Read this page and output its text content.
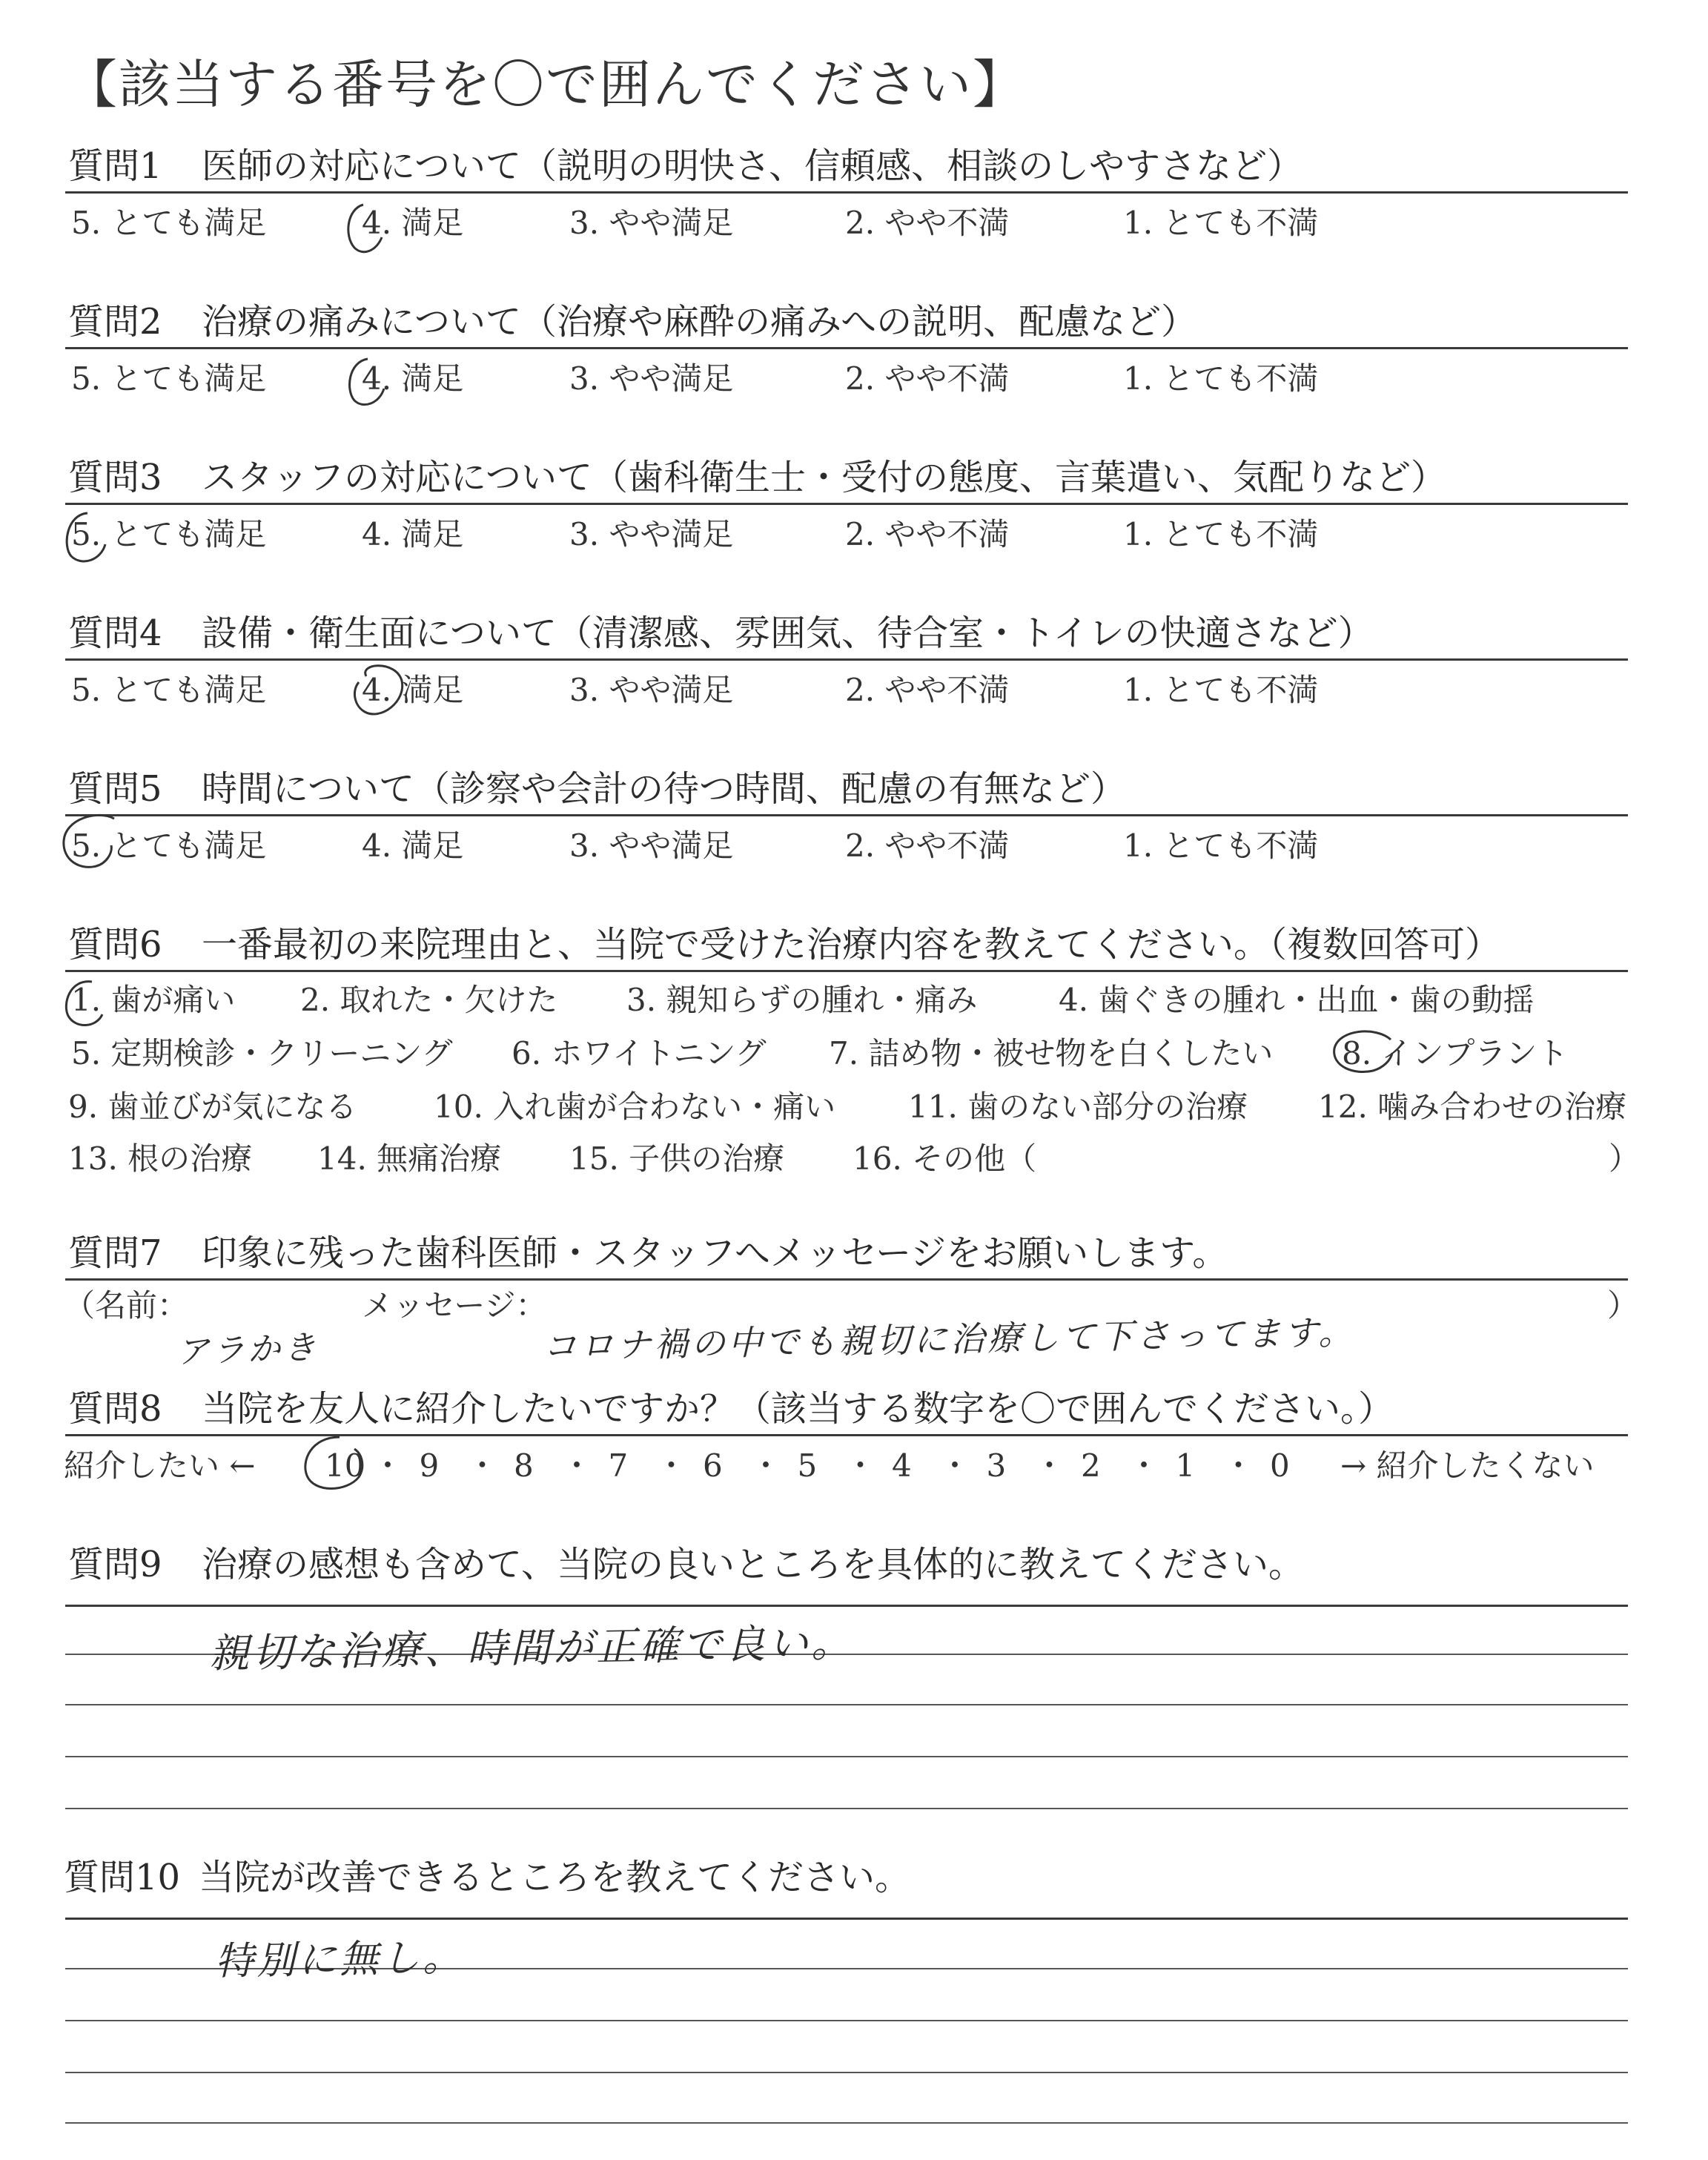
【該当する番号を〇で囲んでください】
質問1 医師の対応について（説明の明快さ、信頼感、相談のしやすさなど）
5. とても満足	4. 満足	3. やや満足	2. やや不満	1. とても不満
質問2 治療の痛みについて（治療や麻酔の痛みへの説明、配慮など）
5. とても満足	4. 満足	3. やや満足	2. やや不満	1. とても不満
質問3 スタッフの対応について（歯科衛生士・受付の態度、言葉遣い、気配りなど）
5. とても満足	4. 満足	3. やや満足	2. やや不満	1. とても不満
質問4 設備・衛生面について（清潔感、雰囲気、待合室・トイレの快適さなど）
5. とても満足	4. 満足	3. やや満足	2. やや不満	1. とても不満
質問5 時間について（診察や会計の待つ時間、配慮の有無など）
5. とても満足	4. 満足	3. やや満足	2. やや不満	1. とても不満
質問6 一番最初の来院理由と、当院で受けた治療内容を教えてください。（複数回答可）
1. 歯が痛い 2. 取れた・欠けた 3. 親知らずの腫れ・痛み	4. 歯ぐきの腫れ・出血・歯の動揺
5. 定期検診・クリーニング 6. ホワイトニング 7. 詰め物・被せ物を白くしたい 8. インプラント
9. 歯並びが気になる 10. 入れ歯が合わない・痛い 11. 歯のない部分の治療 12. 噛み合わせの治療
13. 根の治療 14. 無痛治療 15. 子供の治療 16. その他（	）
質問7 印象に残った歯科医師・スタッフへメッセージをお願いします。
（名前：
アラかき
メッセージ：
コロナ禍の中でも親切に治療して下さってます。
）
質問8 当院を友人に紹介したいですか？（該当する数字を〇で囲んでください。）
紹介したい ← 10 ・ 9 ・ 8 ・ 7 ・ 6 ・ 5 ・ 4 ・ 3 ・ 2 ・ 1 ・ 0 → 紹介したくない
質問9 治療の感想も含めて、当院の良いところを具体的に教えてください。
親切な治療、時間が正確で良い。
質問10 当院が改善できるところを教えてください。
特別に無し。
